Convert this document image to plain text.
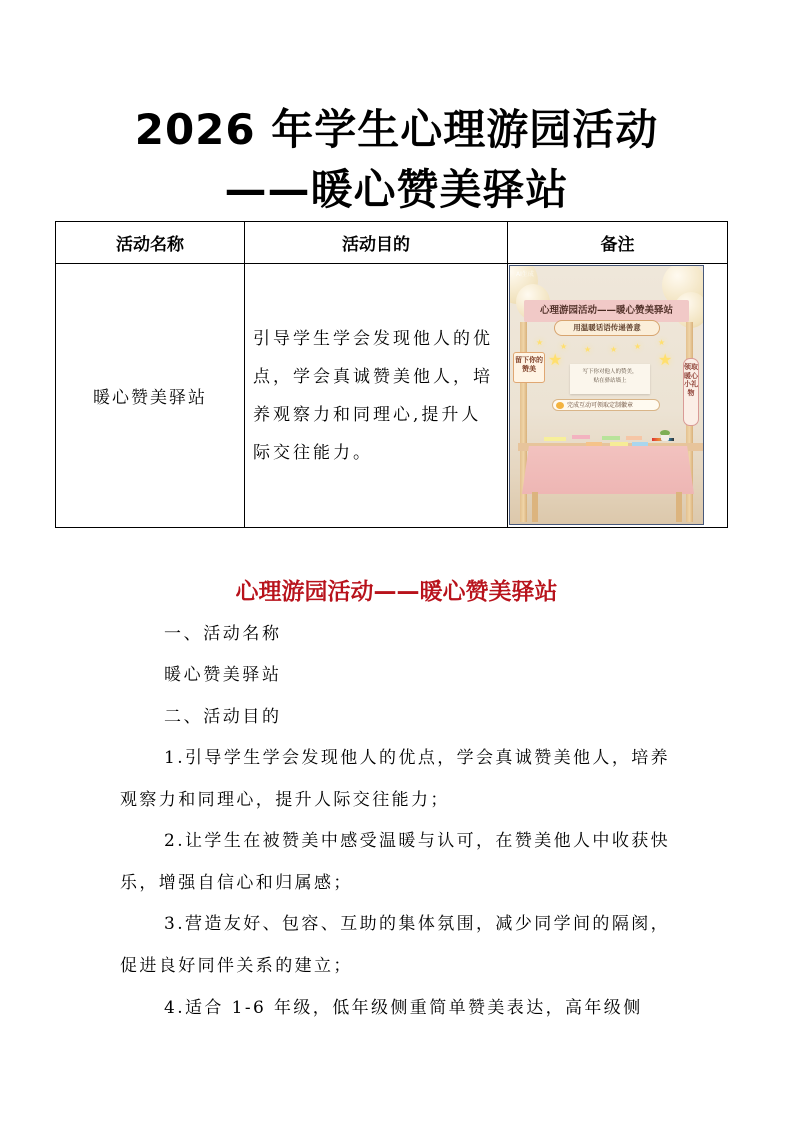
2026 年学生心理游园活动
——暖心赞美驿站
活动名称	活动目的	备注
暖心赞美驿站	引导学生学会发现他人的优点，学会真诚赞美他人，培养观察力和同理心,提升人际交往能力。	
AI生成
心理游园活动——暖心赞美驿站
用温暖话语传递善意
★ ★ ★ ★ ★ ★
★	★
留下你的赞美	领取暖心小礼物
写下你对他人的赞美，
贴在驿站墙上
完成互动可领取定制徽章
心理游园活动——暖心赞美驿站
一、活动名称
暖心赞美驿站
二、活动目的
1.引导学生学会发现他人的优点，学会真诚赞美他人，培养观察力和同理心，提升人际交往能力；
2.让学生在被赞美中感受温暖与认可，在赞美他人中收获快乐，增强自信心和归属感；
3.营造友好、包容、互助的集体氛围，减少同学间的隔阂，促进良好同伴关系的建立；
4.适合 1-6 年级，低年级侧重简单赞美表达，高年级侧
